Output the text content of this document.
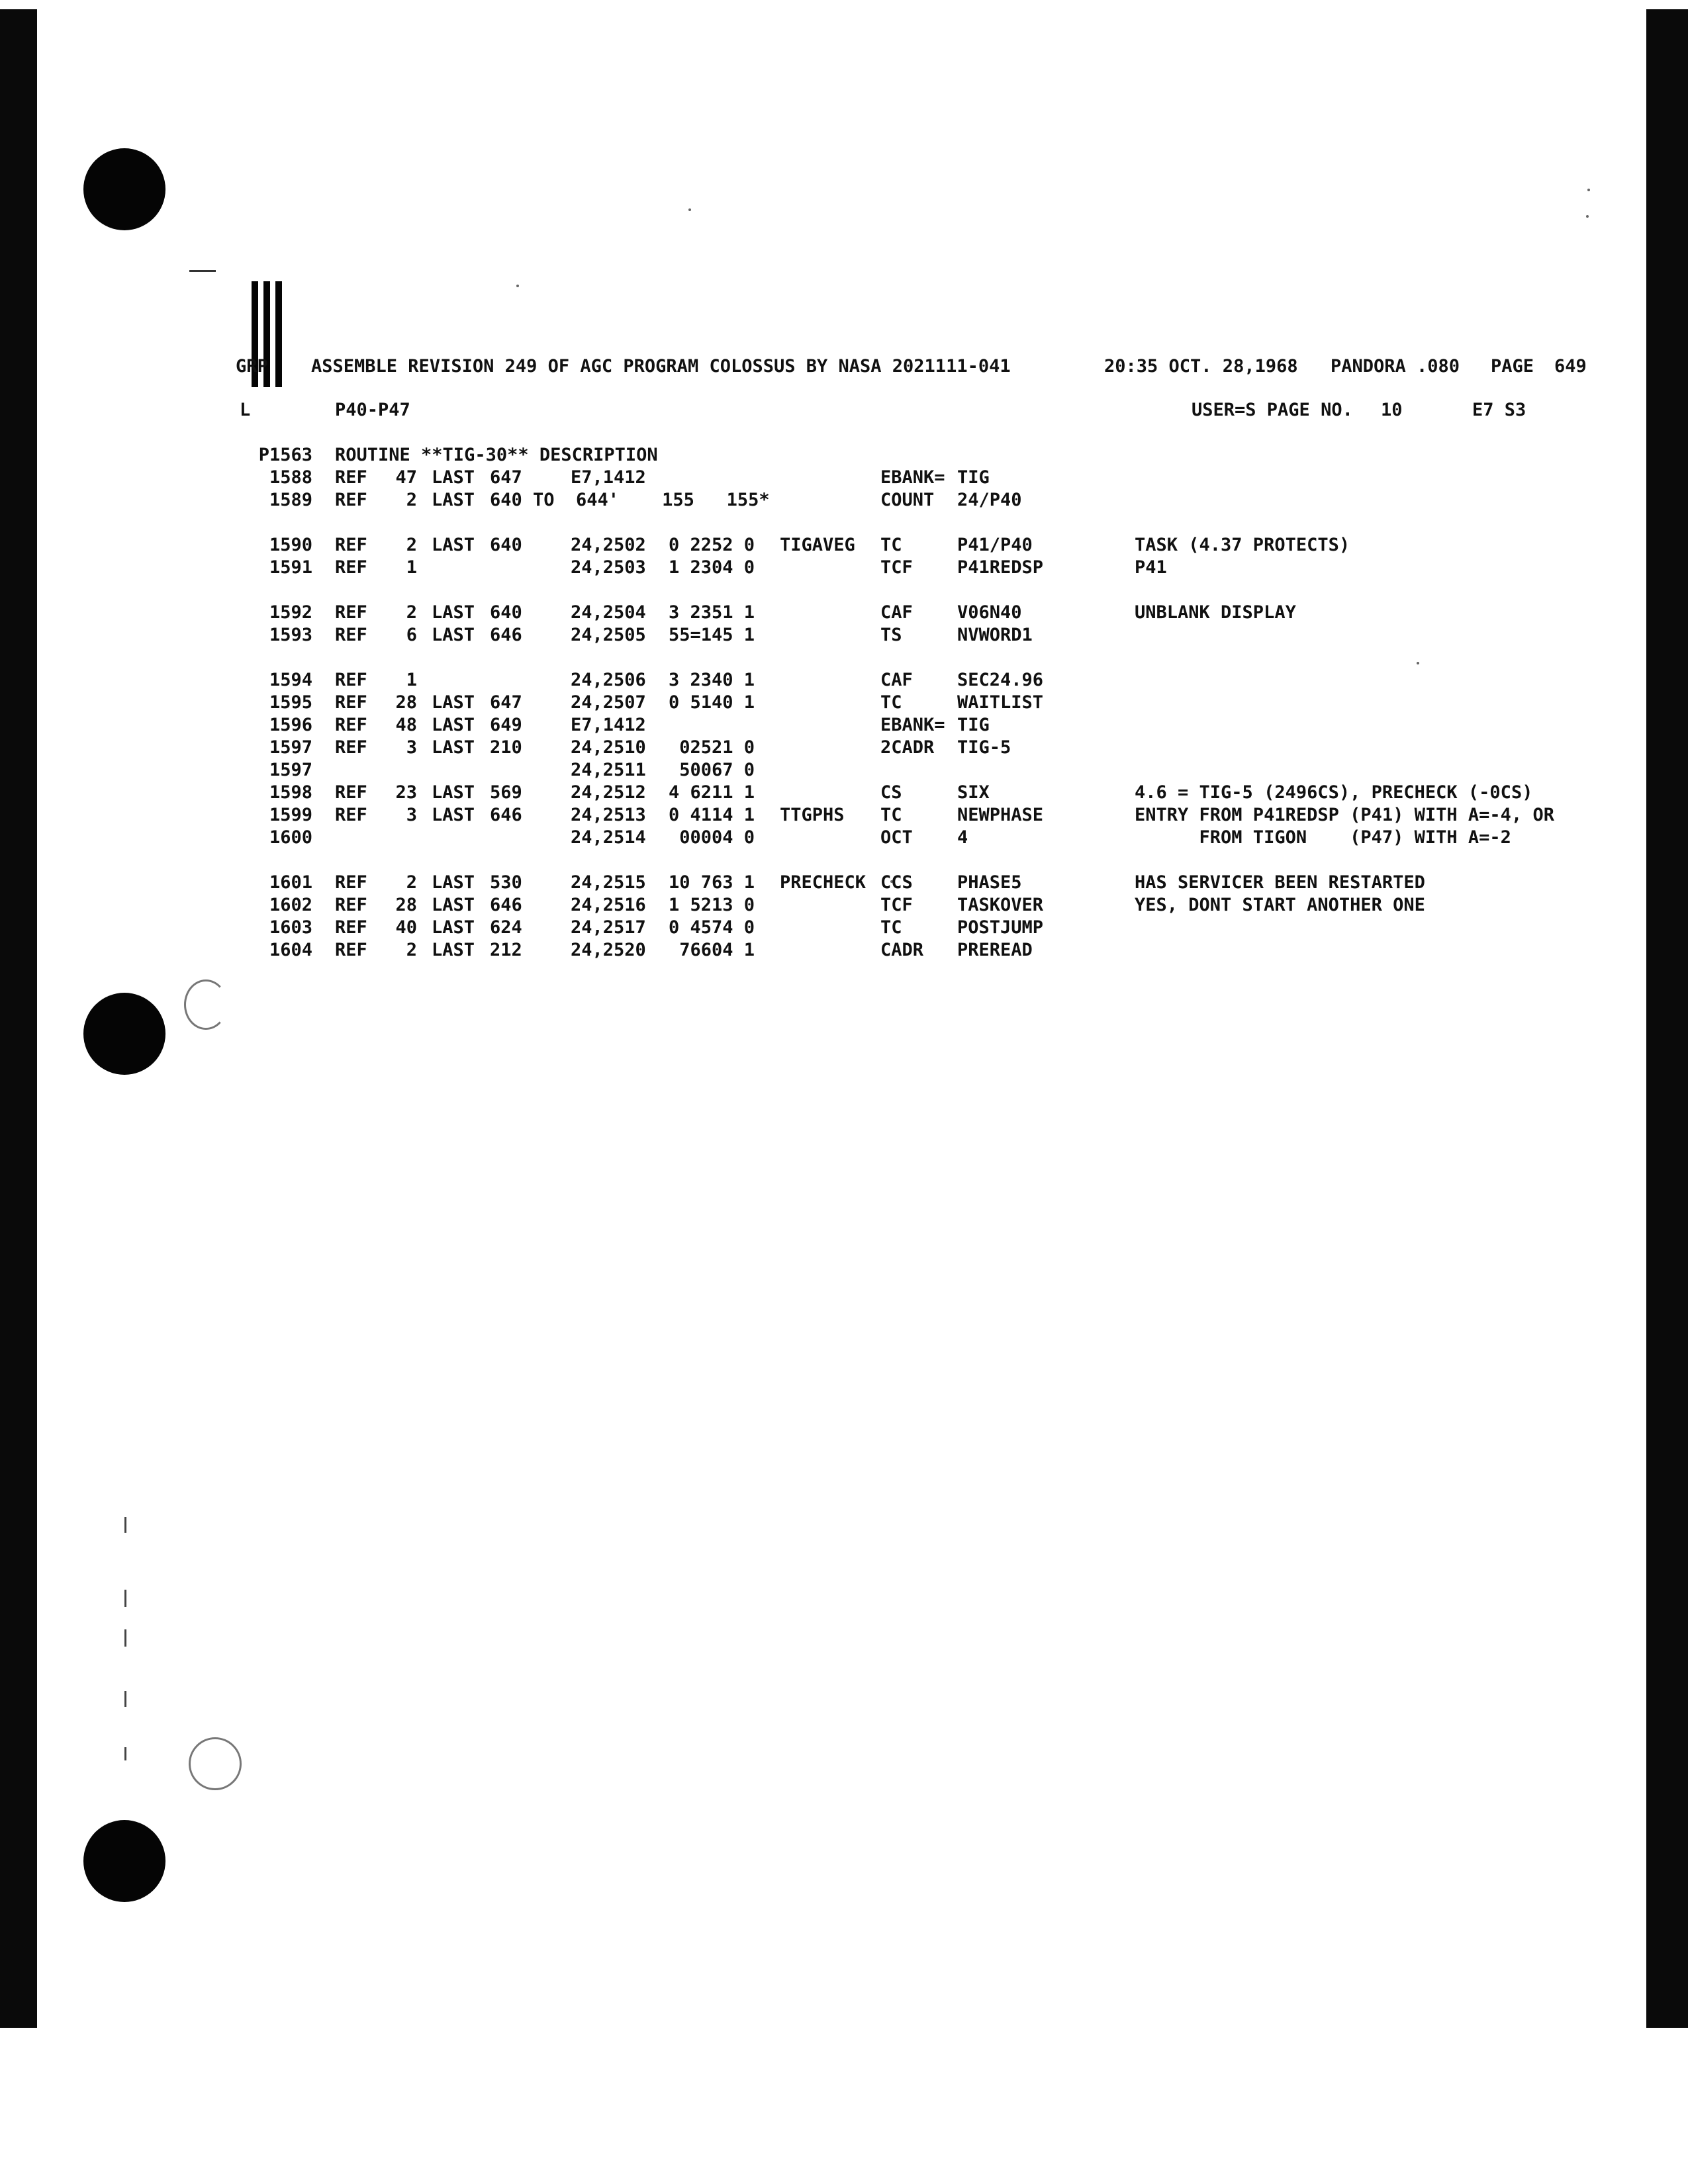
GRP ASSEMBLE REVISION 249 OF AGC PROGRAM COLOSSUS BY NASA 2021111-041	20:35 OCT. 28,1968 PANDORA .080 PAGE 649
L	P40-P47	USER=S PAGE NO. 10	E7 S3
P1563 ROUTINE **TIG-30** DESCRIPTION
1588 REF	47 LAST 647	E7,1412	EBANK= TIG
1589 REF	2 LAST 640 TO  644'    155   155*	COUNT 24/P40
1590 REF	2 LAST 640	24,2502	0 2252 0 TIGAVEG TC	P41/P40	TASK (4.37 PROTECTS)
1591 REF	1	24,2503	1 2304 0	TCF P41REDSP	P41
1592 REF	2 LAST 640	24,2504	3 2351 1	CAF V06N40	UNBLANK DISPLAY
1593 REF	6 LAST 646	24,2505	55=145 1	TS	NVWORD1
1594 REF	1	24,2506	3 2340 1	CAF SEC24.96
1595 REF	28 LAST 647	24,2507	0 5140 1	TC	WAITLIST
1596 REF	48 LAST 649	E7,1412	EBANK= TIG
1597 REF	3 LAST 210	24,2510	02521 0	2CADR TIG-5
1597	24,2511	50067 0
1598 REF	23 LAST 569	24,2512	4 6211 1	CS	SIX	4.6 = TIG-5 (2496CS), PRECHECK (-0CS)
1599 REF	3 LAST 646	24,2513	0 4114 1 TTGPHS TC	NEWPHASE	ENTRY FROM P41REDSP (P41) WITH A=-4, OR
1600	24,2514	00004 0	OCT 4	FROM TIGON    (P47) WITH A=-2
1601 REF	2 LAST 530	24,2515	10 763 1 PRECHECK CCS PHASE5	HAS SERVICER BEEN RESTARTED
1602 REF	28 LAST 646	24,2516	1 5213 0	TCF TASKOVER	YES, DONT START ANOTHER ONE
1603 REF	40 LAST 624	24,2517	0 4574 0	TC	POSTJUMP
1604 REF	2 LAST 212	24,2520	76604 1	CADR PREREAD
